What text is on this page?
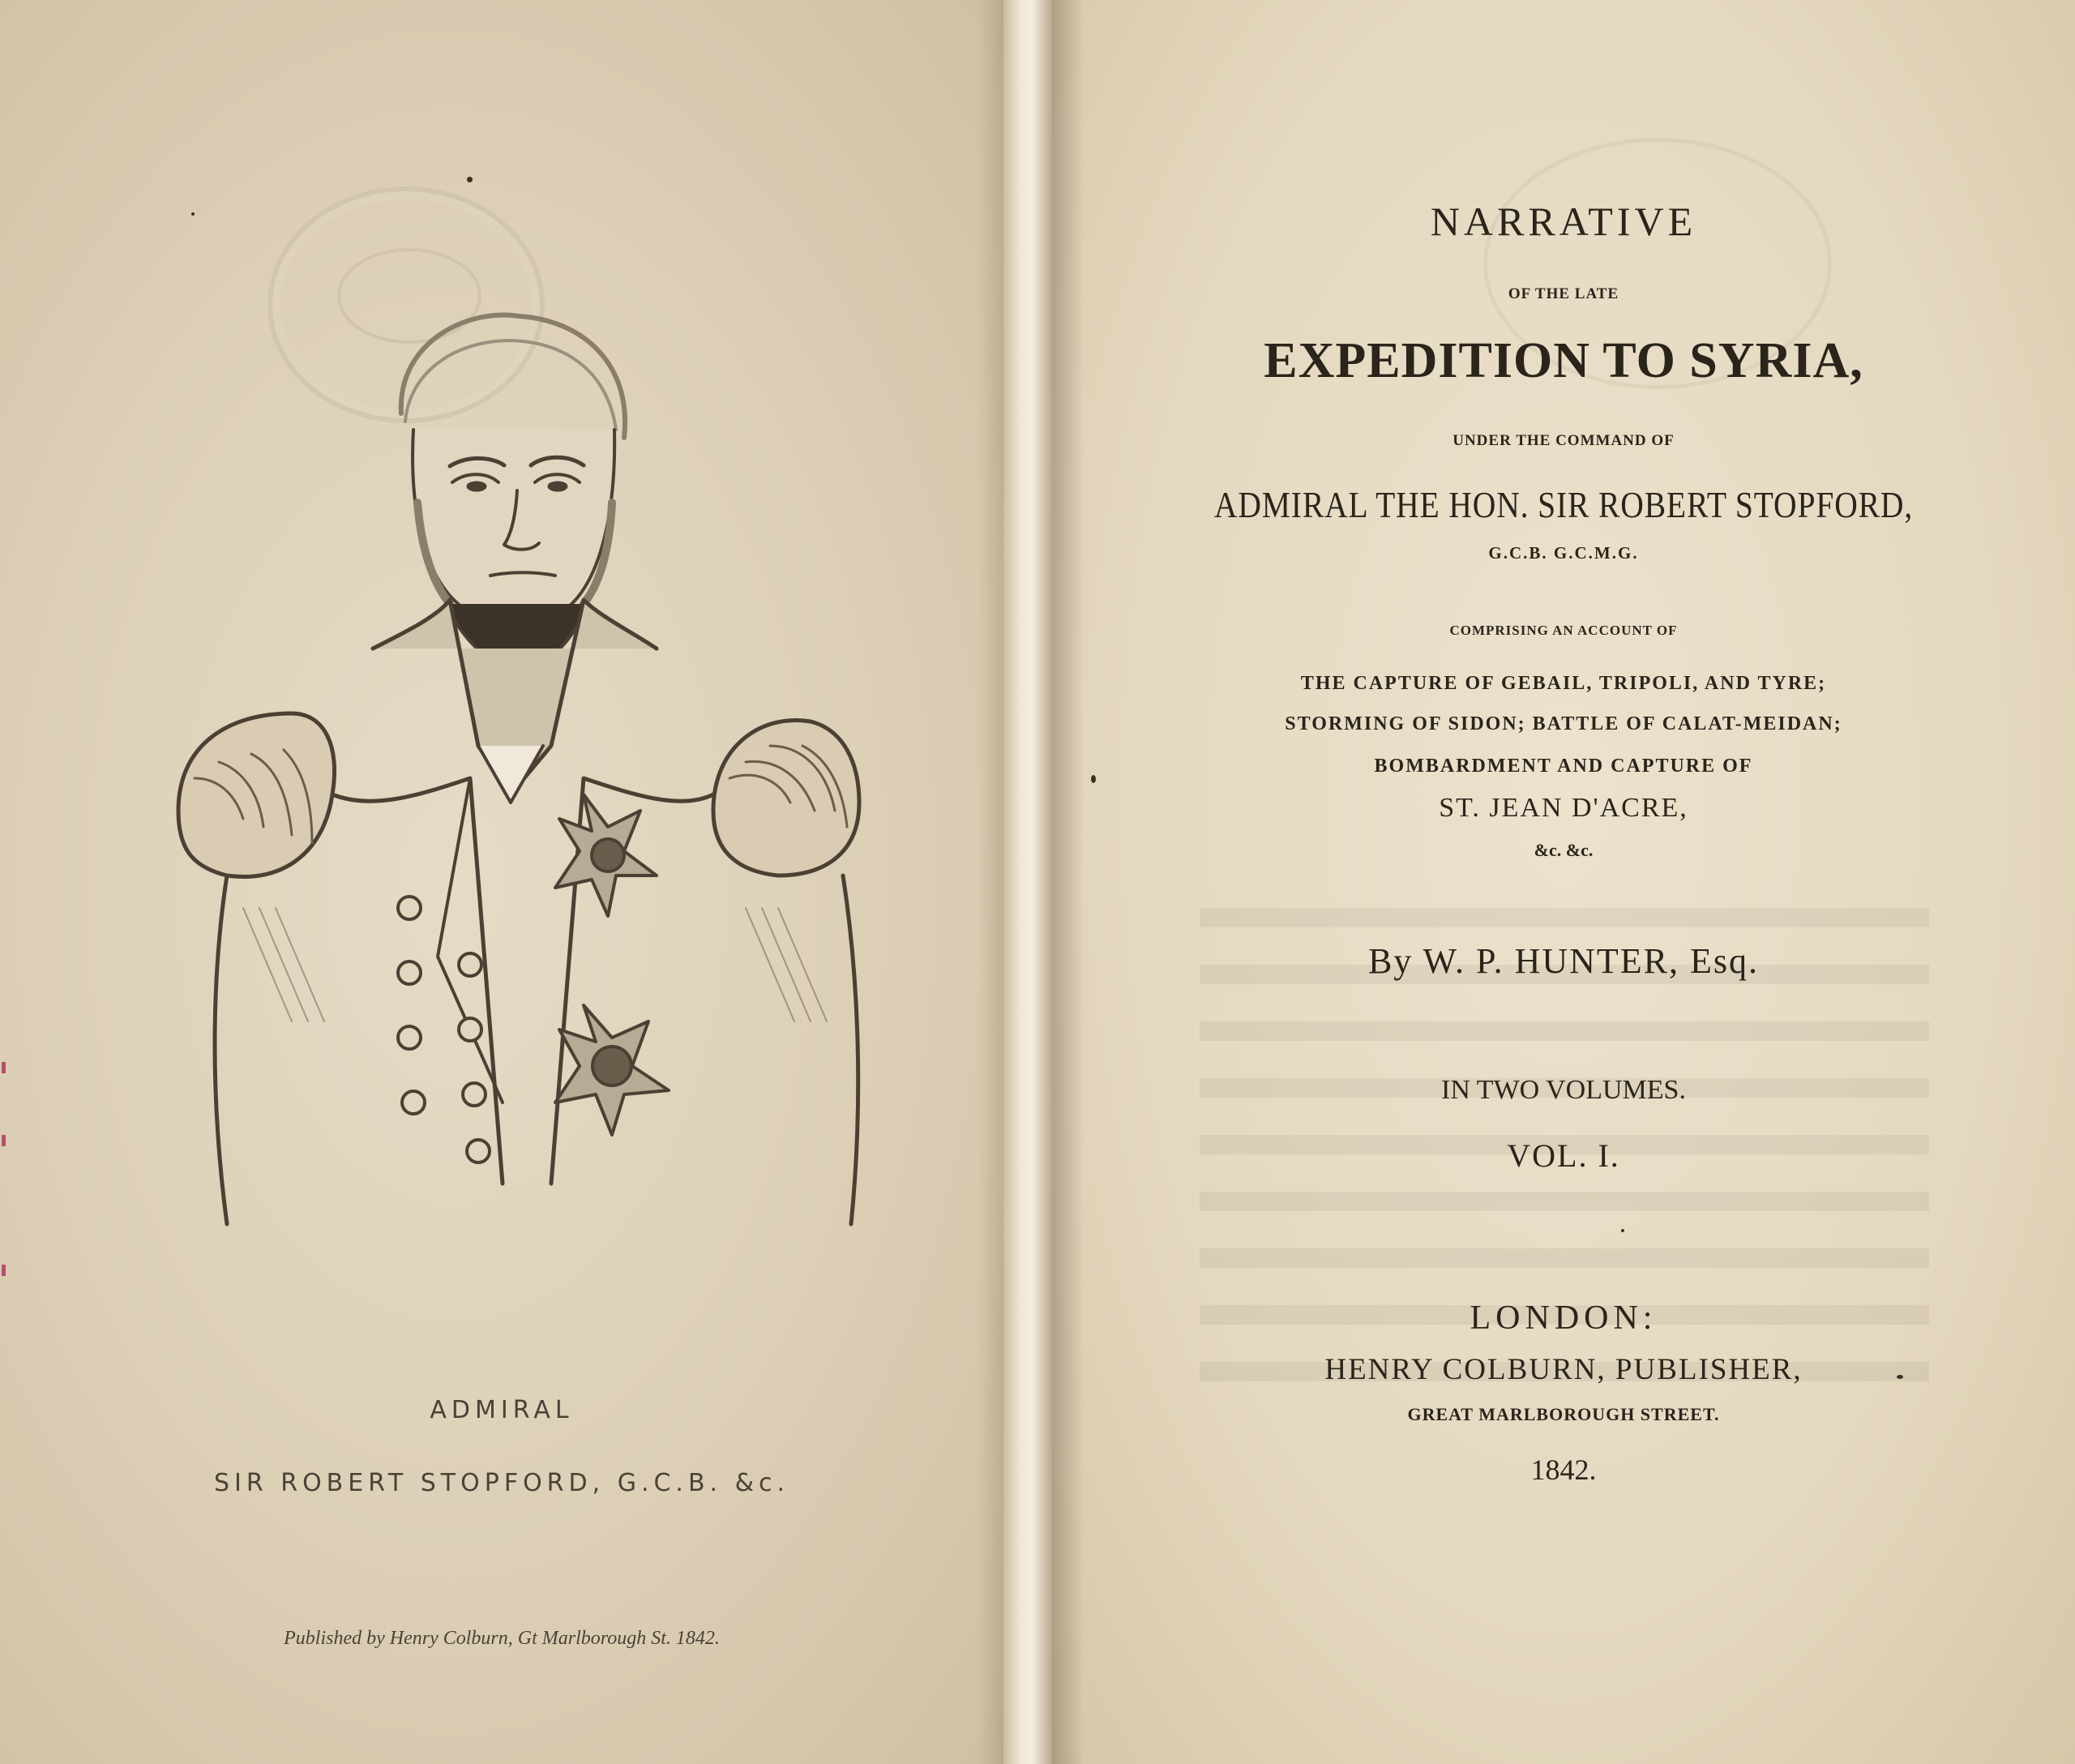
ADMIRAL
SIR ROBERT STOPFORD, G.C.B. &c.
Published by Henry Colburn, Gt Marlborough St. 1842.
NARRATIVE
OF THE LATE
EXPEDITION TO SYRIA,
UNDER THE COMMAND OF
ADMIRAL THE HON. SIR ROBERT STOPFORD,
G.C.B. G.C.M.G.
COMPRISING AN ACCOUNT OF
THE CAPTURE OF GEBAIL, TRIPOLI, AND TYRE;
STORMING OF SIDON; BATTLE OF CALAT-MEIDAN;
BOMBARDMENT AND CAPTURE OF
ST. JEAN D'ACRE,
&c. &c.
By W. P. HUNTER, Esq.
IN TWO VOLUMES.
VOL. I.
LONDON:
HENRY COLBURN, PUBLISHER,
GREAT MARLBOROUGH STREET.
1842.
